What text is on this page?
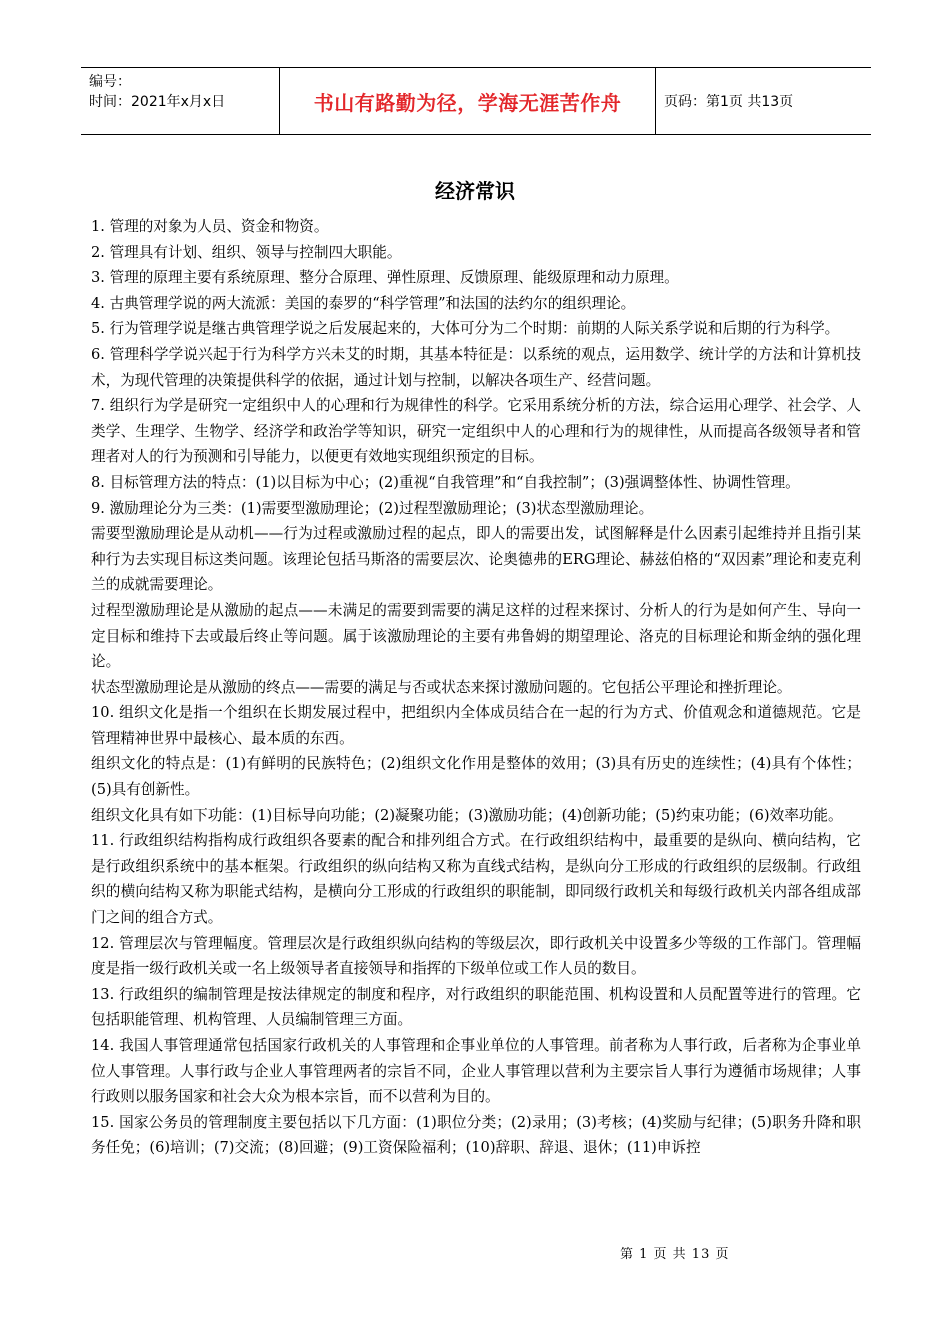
编号：
时间：2021年x月x日	书山有路勤为径，学海无涯苦作舟	页码：第1页 共13页
经济常识

1. 管理的对象为人员、资金和物资。

2. 管理具有计划、组织、领导与控制四大职能。

3. 管理的原理主要有系统原理、整分合原理、弹性原理、反馈原理、能级原理和动力原理。

4. 古典管理学说的两大流派：美国的泰罗的“科学管理”和法国的法约尔的组织理论。

5. 行为管理学说是继古典管理学说之后发展起来的，大体可分为二个时期：前期的人际关系学说和后期的行为科学。

6. 管理科学学说兴起于行为科学方兴未艾的时期，其基本特征是：以系统的观点，运用数学、统计学的方法和计算机技术，为现代管理的决策提供科学的依据，通过计划与控制，以解决各项生产、经营问题。

7. 组织行为学是研究一定组织中人的心理和行为规律性的科学。它采用系统分析的方法，综合运用心理学、社会学、人类学、生理学、生物学、经济学和政治学等知识，研究一定组织中人的心理和行为的规律性，从而提高各级领导者和管理者对人的行为预测和引导能力，以便更有效地实现组织预定的目标。

8. 目标管理方法的特点：(1)以目标为中心；(2)重视“自我管理”和“自我控制”；(3)强调整体性、协调性管理。

9. 激励理论分为三类：(1)需要型激励理论；(2)过程型激励理论；(3)状态型激励理论。

需要型激励理论是从动机——行为过程或激励过程的起点，即人的需要出发，试图解释是什么因素引起维持并且指引某种行为去实现目标这类问题。该理论包括马斯洛的需要层次、论奥德弗的ERG理论、赫兹伯格的“双因素”理论和麦克利兰的成就需要理论。

过程型激励理论是从激励的起点——未满足的需要到需要的满足这样的过程来探讨、分析人的行为是如何产生、导向一定目标和维持下去或最后终止等问题。属于该激励理论的主要有弗鲁姆的期望理论、洛克的目标理论和斯金纳的强化理论。

状态型激励理论是从激励的终点——需要的满足与否或状态来探讨激励问题的。它包括公平理论和挫折理论。

10. 组织文化是指一个组织在长期发展过程中，把组织内全体成员结合在一起的行为方式、价值观念和道德规范。它是管理精神世界中最核心、最本质的东西。

组织文化的特点是：(1)有鲜明的民族特色；(2)组织文化作用是整体的效用；(3)具有历史的连续性；(4)具有个体性；(5)具有创新性。

组织文化具有如下功能：(1)目标导向功能；(2)凝聚功能；(3)激励功能；(4)创新功能；(5)约束功能；(6)效率功能。

11. 行政组织结构指构成行政组织各要素的配合和排列组合方式。在行政组织结构中，最重要的是纵向、横向结构，它是行政组织系统中的基本框架。行政组织的纵向结构又称为直线式结构，是纵向分工形成的行政组织的层级制。行政组织的横向结构又称为职能式结构，是横向分工形成的行政组织的职能制，即同级行政机关和每级行政机关内部各组成部门之间的组合方式。

12. 管理层次与管理幅度。管理层次是行政组织纵向结构的等级层次，即行政机关中设置多少等级的工作部门。管理幅度是指一级行政机关或一名上级领导者直接领导和指挥的下级单位或工作人员的数目。

13. 行政组织的编制管理是按法律规定的制度和程序，对行政组织的职能范围、机构设置和人员配置等进行的管理。它包括职能管理、机构管理、人员编制管理三方面。

14. 我国人事管理通常包括国家行政机关的人事管理和企事业单位的人事管理。前者称为人事行政，后者称为企事业单位人事管理。人事行政与企业人事管理两者的宗旨不同，企业人事管理以营利为主要宗旨人事行为遵循市场规律；人事行政则以服务国家和社会大众为根本宗旨，而不以营利为目的。

15. 国家公务员的管理制度主要包括以下几方面：(1)职位分类；(2)录用；(3)考核；(4)奖励与纪律；(5)职务升降和职务任免；(6)培训；(7)交流；(8)回避；(9)工资保险福利；(10)辞职、辞退、退休；(11)申诉控

第 1 页 共 13 页
